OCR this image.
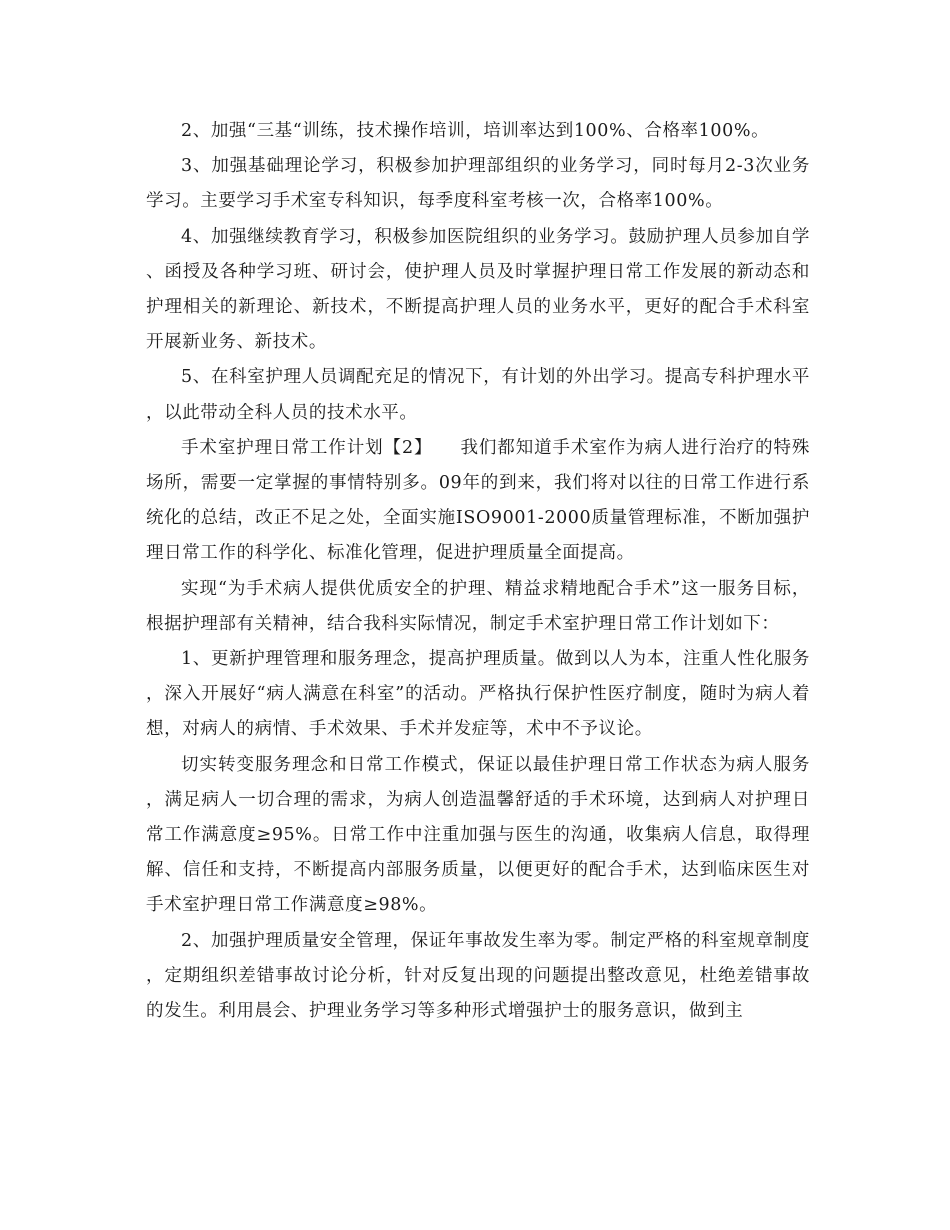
2、加强“三基“训练，技术操作培训，培训率达到100%、合格率100%。

3、加强基础理论学习，积极参加护理部组织的业务学习，同时每月2-3次业务学习。主要学习手术室专科知识，每季度科室考核一次，合格率100%。

4、加强继续教育学习，积极参加医院组织的业务学习。鼓励护理人员参加自学、函授及各种学习班、研讨会，使护理人员及时掌握护理日常工作发展的新动态和护理相关的新理论、新技术，不断提高护理人员的业务水平，更好的配合手术科室开展新业务、新技术。

5、在科室护理人员调配充足的情况下，有计划的外出学习。提高专科护理水平，以此带动全科人员的技术水平。

手术室护理日常工作计划【2】　　我们都知道手术室作为病人进行治疗的特殊场所，需要一定掌握的事情特别多。09年的到来，我们将对以往的日常工作进行系统化的总结，改正不足之处，全面实施ISO9001-2000质量管理标准，不断加强护理日常工作的科学化、标准化管理，促进护理质量全面提高。

实现“为手术病人提供优质安全的护理、精益求精地配合手术”这一服务目标，根据护理部有关精神，结合我科实际情况，制定手术室护理日常工作计划如下：

1、更新护理管理和服务理念，提高护理质量。做到以人为本，注重人性化服务，深入开展好“病人满意在科室”的活动。严格执行保护性医疗制度，随时为病人着想，对病人的病情、手术效果、手术并发症等，术中不予议论。

切实转变服务理念和日常工作模式，保证以最佳护理日常工作状态为病人服务，满足病人一切合理的需求，为病人创造温馨舒适的手术环境，达到病人对护理日常工作满意度≥95%。日常工作中注重加强与医生的沟通，收集病人信息，取得理解、信任和支持，不断提高内部服务质量，以便更好的配合手术，达到临床医生对手术室护理日常工作满意度≥98%。

2、加强护理质量安全管理，保证年事故发生率为零。制定严格的科室规章制度，定期组织差错事故讨论分析，针对反复出现的问题提出整改意见，杜绝差错事故的发生。利用晨会、护理业务学习等多种形式增强护士的服务意识，做到主
